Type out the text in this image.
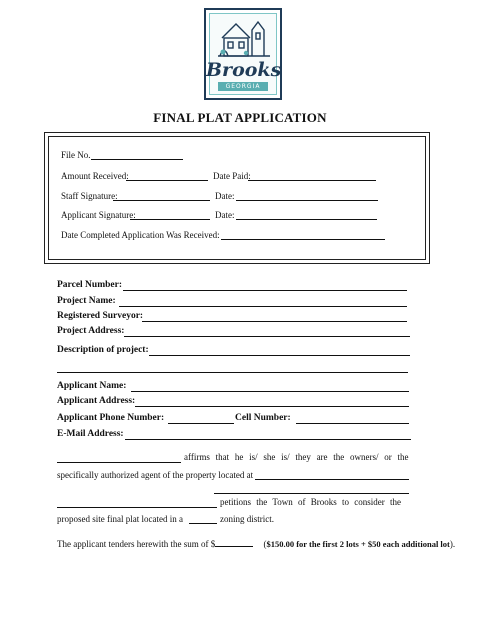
Brooks
GEORGIA
FINAL PLAT APPLICATION
File No.
Amount Received:	Date Paid:
Staff Signature:	Date:
Applicant Signature:	Date:
Date Completed Application Was Received:
Parcel Number:
Project Name:
Registered Surveyor:
Project Address:
Description of project:
Applicant Name:
Applicant Address:
Applicant Phone Number:	Cell Number:
E-Mail Address:
affirms that he is/ she is/ they are the owners/ or the
specifically authorized agent of the property located at
petitions the Town of Brooks to consider the
proposed site final plat located in a	zoning district.
The applicant tenders herewith the sum of $	($150.00 for the first 2 lots + $50 each additional lot).
